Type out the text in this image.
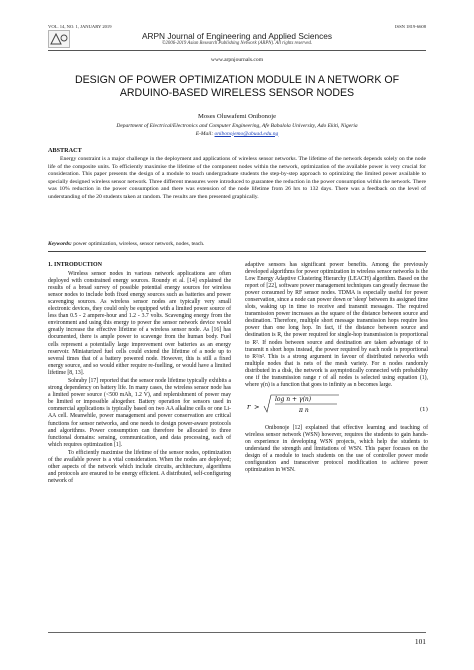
VOL. 14, NO. 1, JANUARY 2019	ISSN 1819-6608
ARPN Journal of Engineering and Applied Sciences
©2006-2019 Asian Research Publishing Network (ARPN). All rights reserved.
www.arpnjournals.com
DESIGN OF POWER OPTIMIZATION MODULE IN A NETWORK OF ARDUINO-BASED WIRELESS SENSOR NODES
Moses Oluwafemi Onibonoje
Department of Electrical/Electronics and Computer Engineering, Afe Babalola University, Ado Ekiti, Nigeria
E-Mail: onibonojemo@abuad.edu.ng
ABSTRACT
Energy constraint is a major challenge in the deployment and applications of wireless sensor networks. The lifetime of the network depends solely on the node life of the composite units. To efficiently maximise the lifetime of the component nodes within the network, optimization of the available power is very crucial for consideration. This paper presents the design of a module to teach undergraduate students the step-by-step approach to optimizing the limited power available to specially designed wireless sensor network. Three different measures were introduced to guarantee the reduction in the power consumption within the network. There was 10% reduction in the power consumption and there was extension of the node lifetime from 26 hrs to 132 days. There was a feedback on the level of understanding of the 20 students taken at random. The results are then presented graphically.
Keywords: power optimization, wireless, sensor network, nodes, teach.
1. INTRODUCTION

Wireless sensor nodes in various network applications are often deployed with constrained energy sources. Roundy et al. [14] explained the results of a broad survey of possible potential energy sources for wireless sensor nodes to include both fixed energy sources such as batteries and power scavenging sources. As wireless sensor nodes are typically very small electronic devices, they could only be equipped with a limited power source of less than 0.5 - 2 ampere-hour and 1.2 - 3.7 volts. Scavenging energy from the environment and using this energy to power the sensor network device would greatly increase the effective lifetime of a wireless sensor node. As [16] has documented, there is ample power to scavenge from the human body. Fuel cells represent a potentially large improvement over batteries as an energy reservoir. Miniaturized fuel cells could extend the lifetime of a node up to several times that of a battery powered node. However, this is still a fixed energy source, and so would either require re-fuelling, or would have a limited lifetime [8, 13].

Sohraby [17] reported that the sensor node lifetime typically exhibits a strong dependency on battery life. In many cases, the wireless sensor node has a limited power source (<500 mAh, 1.2 V), and replenishment of power may be limited or impossible altogether. Battery operation for sensors used in commercial applications is typically based on two AA alkaline cells or one Li-AA cell. Meanwhile, power management and power conservation are critical functions for sensor networks, and one needs to design power-aware protocols and algorithms. Power consumption can therefore be allocated to three functional domains: sensing, communication, and data processing, each of which requires optimization [1].

To efficiently maximise the lifetime of the sensor nodes, optimization of the available power is a vital consideration. When the nodes are deployed; other aspects of the network which include circuits, architecture, algorithms and protocols are ensured to be energy efficient. A distributed, self-configuring network of

adaptive sensors has significant power benefits. Among the previously developed algorithms for power optimization in wireless sensor networks is the Low Energy Adaptive Clustering Hierarchy (LEACH) algorithm. Based on the report of [22], software power management techniques can greatly decrease the power consumed by RF sensor nodes. TDMA is especially useful for power conservation, since a node can power down or 'sleep' between its assigned time slots, waking up in time to receive and transmit messages. The required transmission power increases as the square of the distance between source and destination. Therefore, multiple short message transmission hops require less power than one long hop. In fact, if the distance between source and destination is R, the power required for single-hop transmission is proportional to R². If nodes between source and destination are taken advantage of to transmit n short hops instead, the power required by each node is proportional to R²/n². This is a strong argument in favour of distributed networks with multiple nodes that is nets of the mesh variety. For n nodes randomly distributed in a disk, the network is asymptotically connected with probability one if the transmission range r of all nodes is selected using equation (1), where γ(n) is a function that goes to infinity as n becomes large.

r >
log n + γ(n)
π n	(1)

Onibonoje [12] explained that effective learning and teaching of wireless sensor network (WSN) however, requires the students to gain hands-on experience in developing WSN projects, which help the students to understand the strength and limitations of WSN. This paper focuses on the design of a module to teach students on the use of controller power mode configuration and transceiver protocol modification to achieve power optimization in WSN.

101
